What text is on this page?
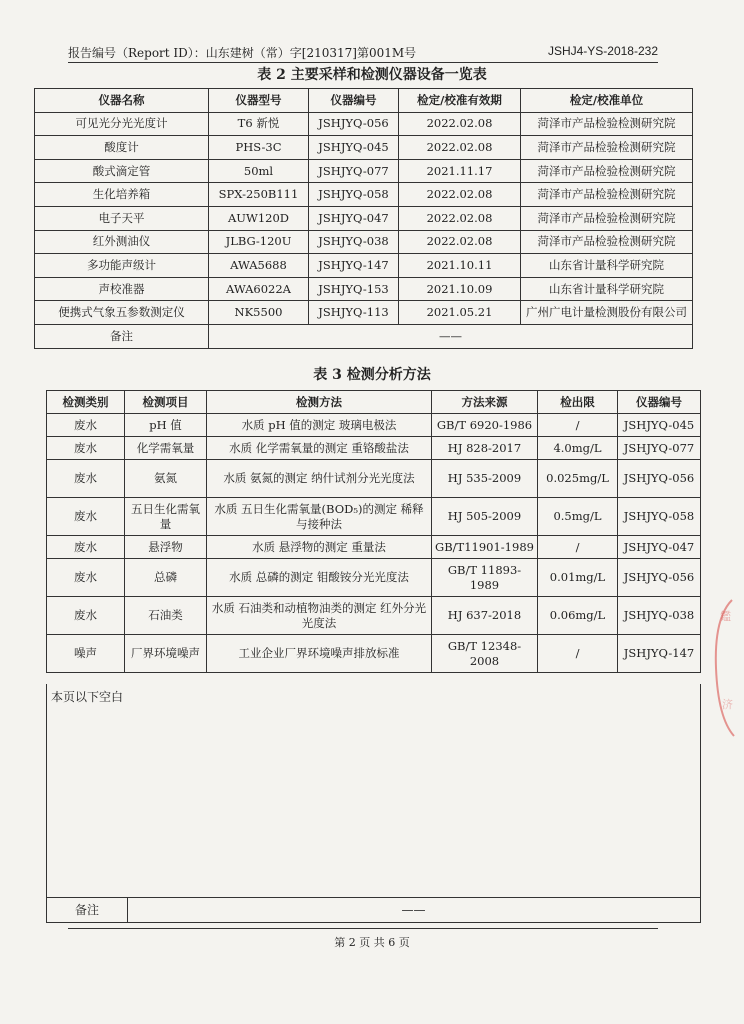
报告编号（Report ID）：山东建树（常）字[210317]第001M号	JSHJ4-YS-2018-232
表 2 主要采样和检测仪器设备一览表
仪器名称	仪器型号	仪器编号	检定/校准有效期	检定/校准单位
可见光分光光度计	T6 新悦	JSHJYQ-056	2022.02.08	菏泽市产品检验检测研究院
酸度计	PHS-3C	JSHJYQ-045	2022.02.08	菏泽市产品检验检测研究院
酸式滴定管	50ml	JSHJYQ-077	2021.11.17	菏泽市产品检验检测研究院
生化培养箱	SPX-250B111	JSHJYQ-058	2022.02.08	菏泽市产品检验检测研究院
电子天平	AUW120D	JSHJYQ-047	2022.02.08	菏泽市产品检验检测研究院
红外测油仪	JLBG-120U	JSHJYQ-038	2022.02.08	菏泽市产品检验检测研究院
多功能声级计	AWA5688	JSHJYQ-147	2021.10.11	山东省计量科学研究院
声校准器	AWA6022A	JSHJYQ-153	2021.10.09	山东省计量科学研究院
便携式气象五参数测定仪	NK5500	JSHJYQ-113	2021.05.21	广州广电计量检测股份有限公司
备注	——			
表 3 检测分析方法
检测类别	检测项目	检测方法	方法来源	检出限	仪器编号
废水	pH 值	水质 pH 值的测定 玻璃电极法	GB/T 6920-1986	/	JSHJYQ-045
废水	化学需氧量	水质 化学需氧量的测定 重铬酸盐法	HJ 828-2017	4.0mg/L	JSHJYQ-077
废水	氨氮	水质 氨氮的测定 纳什试剂分光光度法	HJ 535-2009	0.025mg/L	JSHJYQ-056
废水	五日生化需氧量	水质 五日生化需氧量(BOD₅)的测定 稀释与接种法	HJ 505-2009	0.5mg/L	JSHJYQ-058
废水	悬浮物	水质 悬浮物的测定 重量法	GB/T11901-1989	/	JSHJYQ-047
废水	总磷	水质 总磷的测定 钼酸铵分光光度法	GB/T 11893-1989	0.01mg/L	JSHJYQ-056
废水	石油类	水质 石油类和动植物油类的测定 红外分光光度法	HJ 637-2018	0.06mg/L	JSHJYQ-038
噪声	厂界环境噪声	工业企业厂界环境噪声排放标准	GB/T 12348-2008	/	JSHJYQ-147
本页以下空白
备注	——
第 2 页 共 6 页
鑑
济
